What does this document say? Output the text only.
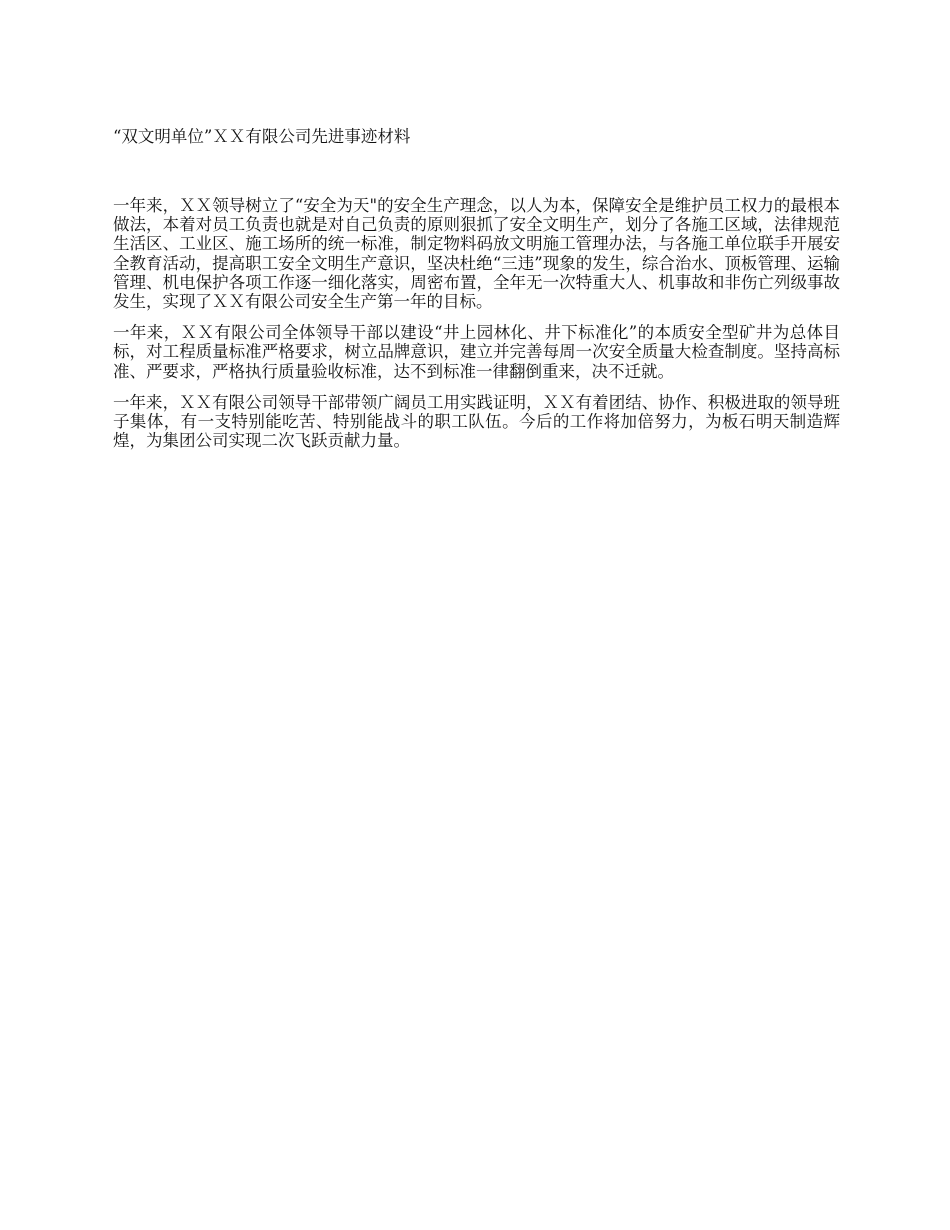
“双文明单位”ＸＸ有限公司先进事迹材料

一年来，ＸＸ领导树立了“安全为天"的安全生产理念，以人为本，保障安全是维护员工权力的最根本做法，本着对员工负责也就是对自己负责的原则狠抓了安全文明生产，划分了各施工区域，法律规范生活区、工业区、施工场所的统一标准，制定物料码放文明施工管理办法，与各施工单位联手开展安全教育活动，提高职工安全文明生产意识，坚决杜绝“三违”现象的发生，综合治水、顶板管理、运输管理、机电保护各项工作逐一细化落实，周密布置，全年无一次特重大人、机事故和非伤亡列级事故发生，实现了ＸＸ有限公司安全生产第一年的目标。

一年来，ＸＸ有限公司全体领导干部以建设“井上园林化、井下标准化”的本质安全型矿井为总体目标，对工程质量标准严格要求，树立品牌意识，建立并完善每周一次安全质量大检查制度。坚持高标准、严要求，严格执行质量验收标准，达不到标准一律翻倒重来，决不迁就。

一年来，ＸＸ有限公司领导干部带领广阔员工用实践证明，ＸＸ有着团结、协作、积极进取的领导班子集体，有一支特别能吃苦、特别能战斗的职工队伍。今后的工作将加倍努力，为板石明天制造辉煌，为集团公司实现二次飞跃贡献力量。
